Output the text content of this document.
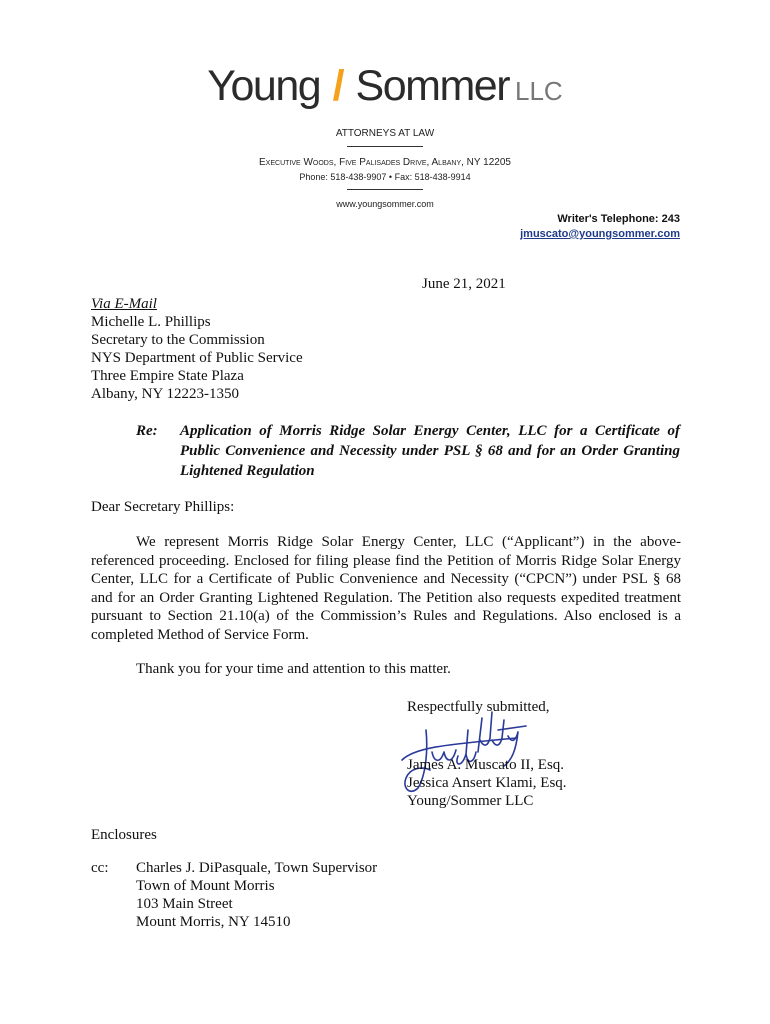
Young / Sommer LLC
ATTORNEYS AT LAW
Executive Woods, Five Palisades Drive, Albany, NY 12205
Phone: 518-438-9907 • Fax: 518-438-9914
www.youngsommer.com
Writer's Telephone: 243
jmuscato@youngsommer.com
June 21, 2021
Via E-Mail
Michelle L. Phillips
Secretary to the Commission
NYS Department of Public Service
Three Empire State Plaza
Albany, NY 12223-1350
Re: Application of Morris Ridge Solar Energy Center, LLC for a Certificate of
Public Convenience and Necessity under PSL § 68 and for an Order Granting
Lightened Regulation
Dear Secretary Phillips:
We represent Morris Ridge Solar Energy Center, LLC (“Applicant”) in the above-
referenced proceeding. Enclosed for filing please find the Petition of Morris Ridge Solar Energy
Center, LLC for a Certificate of Public Convenience and Necessity (“CPCN”) under PSL § 68
and for an Order Granting Lightened Regulation. The Petition also requests expedited treatment
pursuant to Section 21.10(a) of the Commission’s Rules and Regulations. Also enclosed is a
completed Method of Service Form.
Thank you for your time and attention to this matter.
Respectfully submitted,
James A. Muscato II, Esq.
Jessica Ansert Klami, Esq.
Young/Sommer LLC
Enclosures
cc: Charles J. DiPasquale, Town Supervisor
Town of Mount Morris
103 Main Street
Mount Morris, NY 14510
